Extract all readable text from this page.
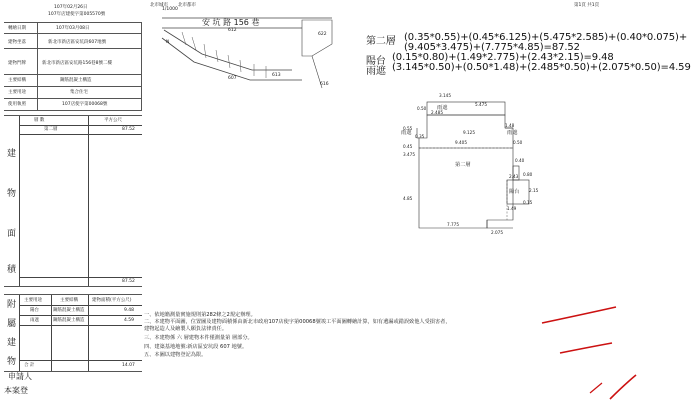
107年02月26日
107年店建使字第005570號
轉繪日期	107年03月08日
建物坐落	新北市新店區安坑段607地號
建物門牌	新北市新店區安坑路156巷8號二樓
主要結構	鋼筋混凝土構造
主要用途	集合住宅
使用執照	107店使字第00068號
層 數	平方公尺
第二層	87.52
建
物
面
積
87.52
主要用途	主要結構	建物面積(平方公尺)
陽台	鋼筋混凝土構造	9.48
雨遮	鋼筋混凝土構造	4.59
附
屬
建
物 合 計	14.07
申請人
本案登
北市城市 北市都市
安 坑 路 156 巷
612
622
607
613
616
N
1/1000
第1頁 共1頁
第二層 (0.35*0.55)+(0.45*6.125)+(5.475*2.585)+(0.40*0.075)+
(9.405*3.475)+(7.775*4.85)=87.52
陽台 (0.15*0.80)+(1.49*2.775)+(2.43*2.15)=9.48
雨遮 (3.145*0.50)+(0.50*1.48)+(2.485*0.50)+(2.075*0.50)=4.59
第二層
雨遮
雨遮	雨遮
陽台
3.145
5.475
0.50
2.485
9.125
1.48
0.55
0.35
9.405	0.50
3.475
0.45
0.40
2.43
2.15
4.85
0.80
0.15
7.775
1.49
2.075
一、依地籍測量實施規則第282條之2規定辦理。
二、本建物平面圖，位置圖及建物面積係由新北市政府107店使字第00068號竣工平面圖轉繪計算，如有遺漏或錯誤致他人受損害者，
建物起造人及繪製人願負法律責任。
三、本建物係 六 層建物本件僅測量第 層部分。
四、建築基地地號:新店區安坑段 607 地號。
五、本圖以建物登記為限。
